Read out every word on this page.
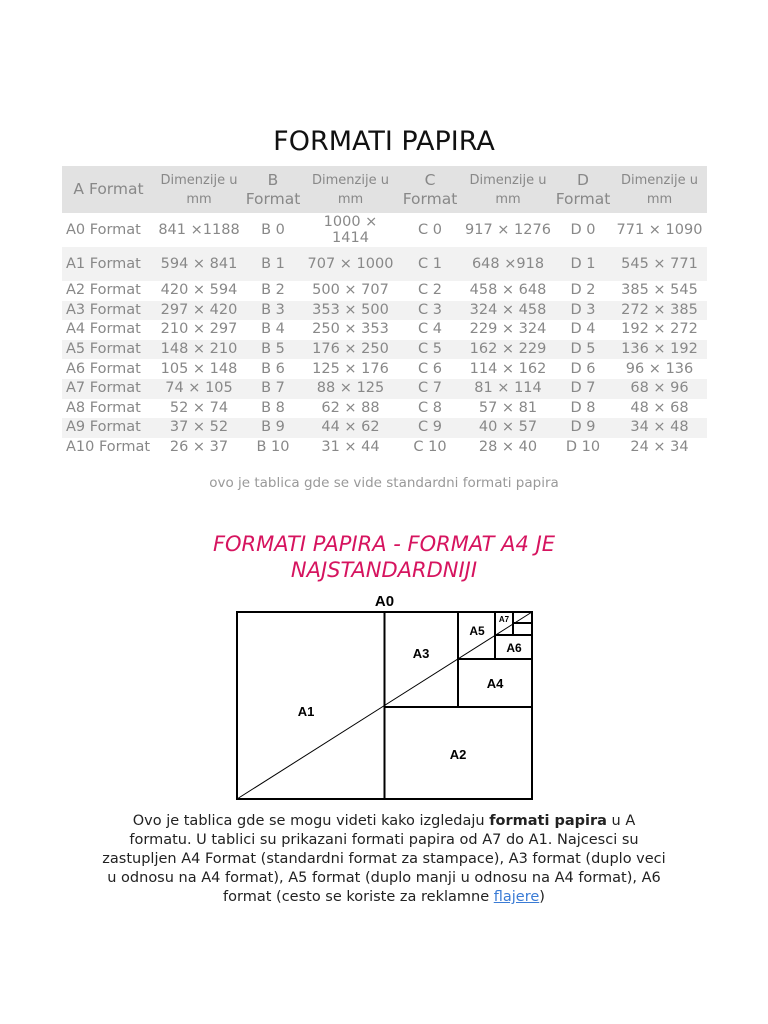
FORMATI PAPIRA
A Format	Dimenzije u mm	B Format	Dimenzije u mm	C Format	Dimenzije u mm	D Format	Dimenzije u mm
A0 Format	841 ×1188	B 0	1000 × 1414	C 0	917 × 1276	D 0	771 × 1090
A1 Format	594 × 841	B 1	707 × 1000	C 1	648 ×918	D 1	545 × 771
A2 Format	420 × 594	B 2	500 × 707	C 2	458 × 648	D 2	385 × 545
A3 Format	297 × 420	B 3	353 × 500	C 3	324 × 458	D 3	272 × 385
A4 Format	210 × 297	B 4	250 × 353	C 4	229 × 324	D 4	192 × 272
A5 Format	148 × 210	B 5	176 × 250	C 5	162 × 229	D 5	136 × 192
A6 Format	105 × 148	B 6	125 × 176	C 6	114 × 162	D 6	96 × 136
A7 Format	74 × 105	B 7	88 × 125	C 7	81 × 114	D 7	68 × 96
A8 Format	52 × 74	B 8	62 × 88	C 8	57 × 81	D 8	48 × 68
A9 Format	37 × 52	B 9	44 × 62	C 9	40 × 57	D 9	34 × 48
A10 Format	26 × 37	B 10	31 × 44	C 10	28 × 40	D 10	24 × 34
ovo je tablica gde se vide standardni formati papira
FORMATI PAPIRA - FORMAT A4 JE NAJSTANDARDNIJI
A0
A1
A2
A3
A4
A5
A6
A7

Ovo je tablica gde se mogu videti kako izgledaju formati papira u A formatu. U tablici su prikazani formati papira od A7 do A1. Najcesci su zastupljen A4 Format (standardni format za stampace), A3 format (duplo veci u odnosu na A4 format), A5 format (duplo manji u odnosu na A4 format), A6 format (cesto se koriste za reklamne flajere)
